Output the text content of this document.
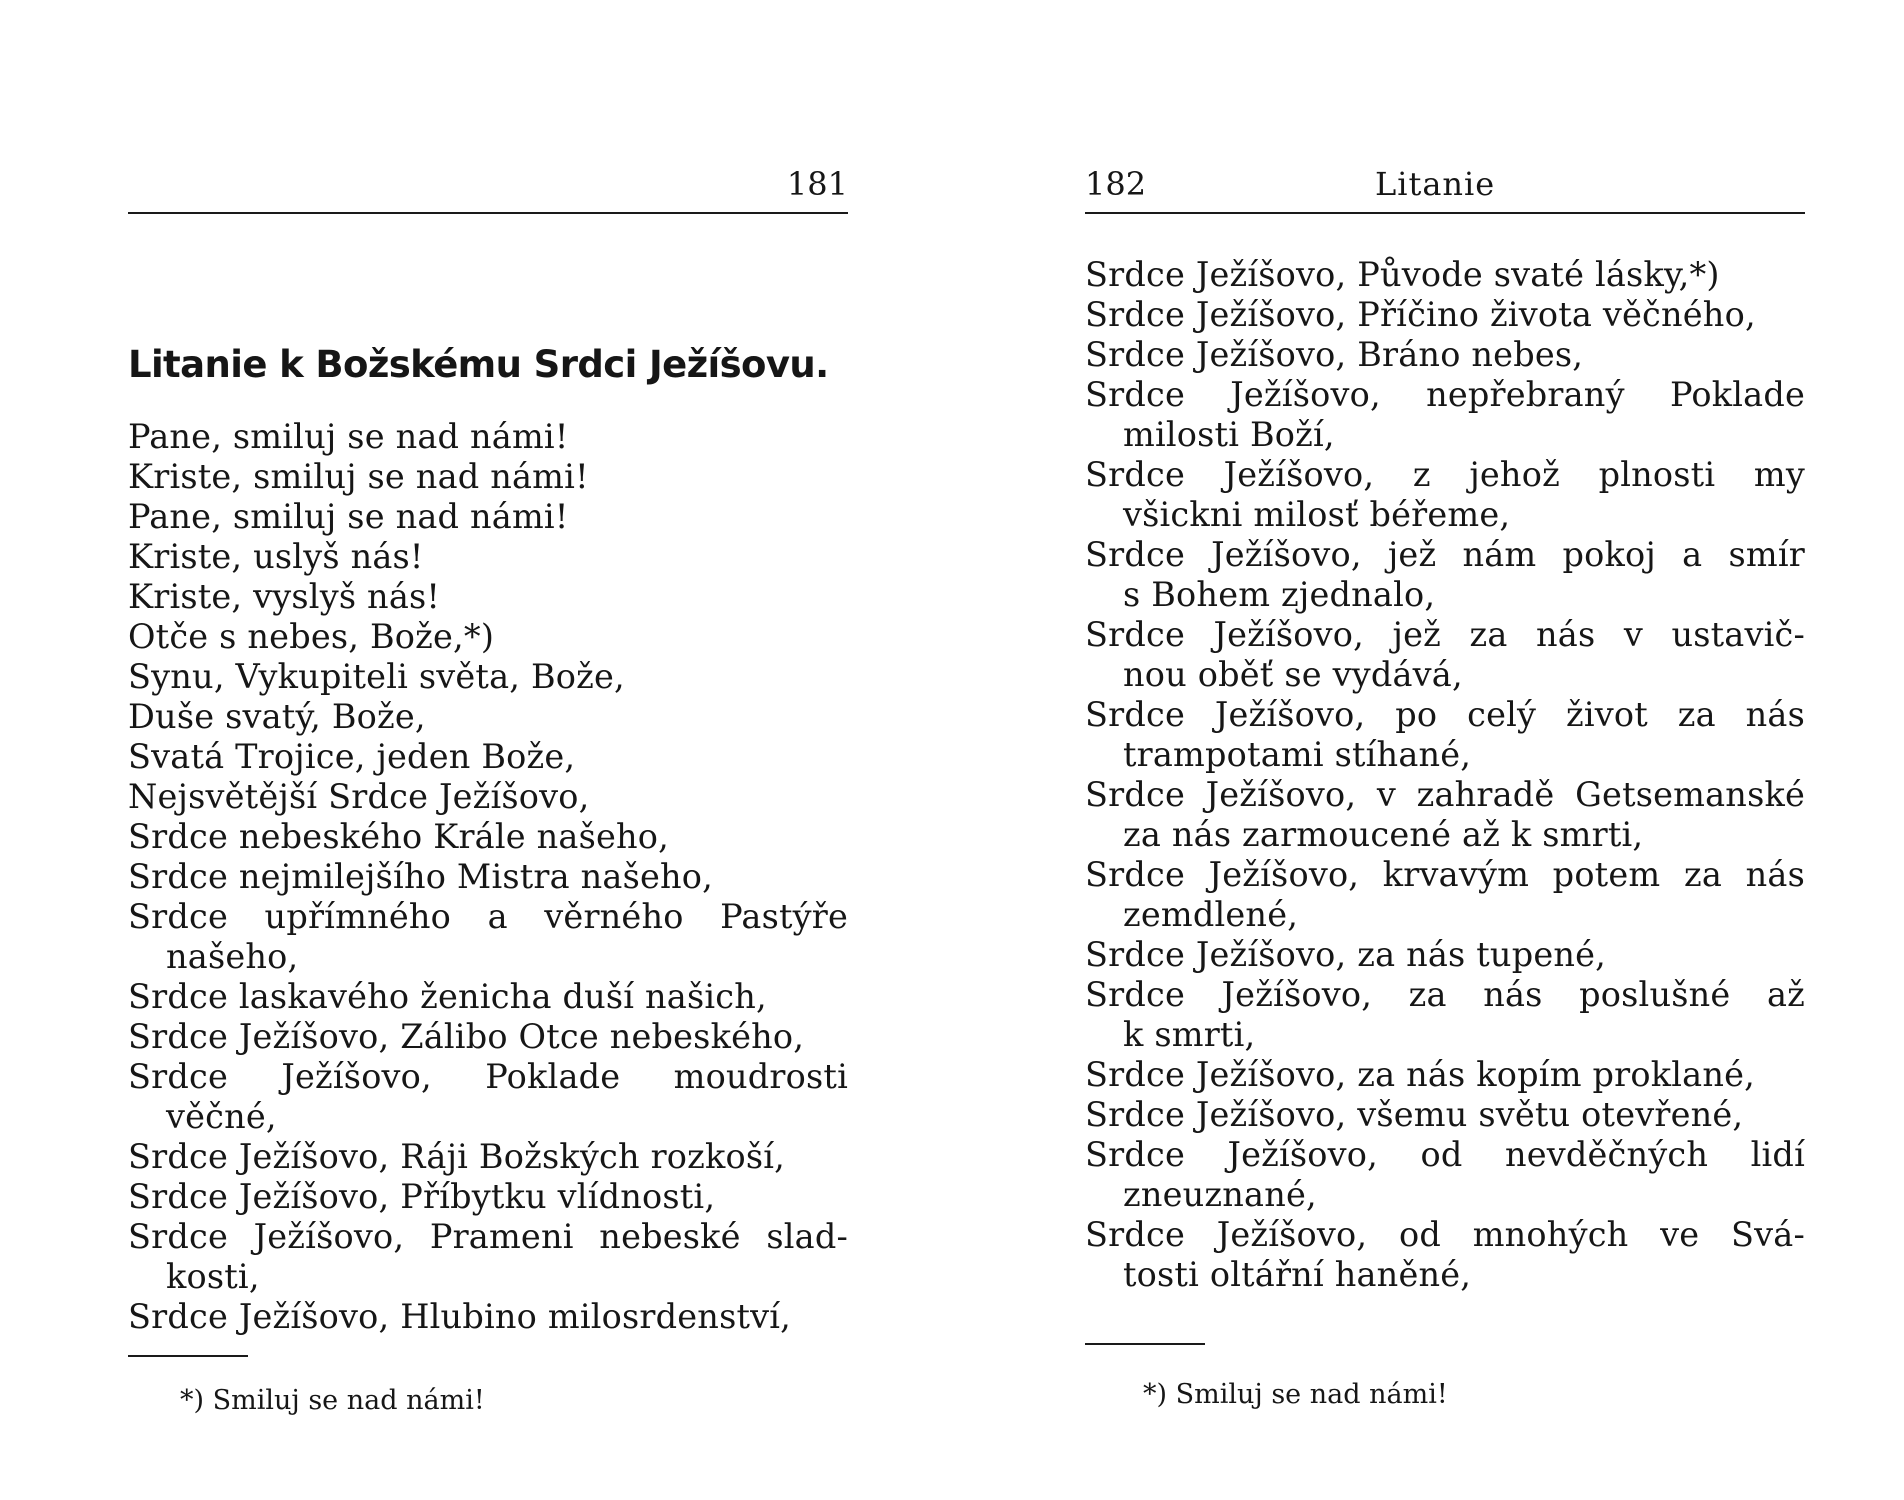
181
Litanie k Božskému Srdci Ježíšovu.
Pane, smiluj se nad námi!
Kriste, smiluj se nad námi!
Pane, smiluj se nad námi!
Kriste, uslyš nás!
Kriste, vyslyš nás!
Otče s nebes, Bože,*)
Synu, Vykupiteli světa, Bože,
Duše svatý, Bože,
Svatá Trojice, jeden Bože,
Nejsvětější Srdce Ježíšovo,
Srdce nebeského Krále našeho,
Srdce nejmilejšího Mistra našeho,
Srdce upřímného a věrného Pastýře
našeho,
Srdce laskavého ženicha duší našich,
Srdce Ježíšovo, Zálibo Otce nebeského,
Srdce Ježíšovo, Poklade moudrosti
věčné,
Srdce Ježíšovo, Ráji Božských rozkoší,
Srdce Ježíšovo, Příbytku vlídnosti,
Srdce Ježíšovo, Prameni nebeské slad-
kosti,
Srdce Ježíšovo, Hlubino milosrdenství,
*) Smiluj se nad námi!
182	Litanie
Srdce Ježíšovo, Původe svaté lásky,*)
Srdce Ježíšovo, Příčino života věčného,
Srdce Ježíšovo, Bráno nebes,
Srdce Ježíšovo, nepřebraný Poklade
milosti Boží,
Srdce Ježíšovo, z jehož plnosti my
všickni milosť béřeme,
Srdce Ježíšovo, jež nám pokoj a smír
s Bohem zjednalo,
Srdce Ježíšovo, jež za nás v ustavič-
nou oběť se vydává,
Srdce Ježíšovo, po celý život za nás
trampotami stíhané,
Srdce Ježíšovo, v zahradě Getsemanské
za nás zarmoucené až k smrti,
Srdce Ježíšovo, krvavým potem za nás
zemdlené,
Srdce Ježíšovo, za nás tupené,
Srdce Ježíšovo, za nás poslušné až
k smrti,
Srdce Ježíšovo, za nás kopím proklané,
Srdce Ježíšovo, všemu světu otevřené,
Srdce Ježíšovo, od nevděčných lidí
zneuznané,
Srdce Ježíšovo, od mnohých ve Svá-
tosti oltářní haněné,
*) Smiluj se nad námi!
